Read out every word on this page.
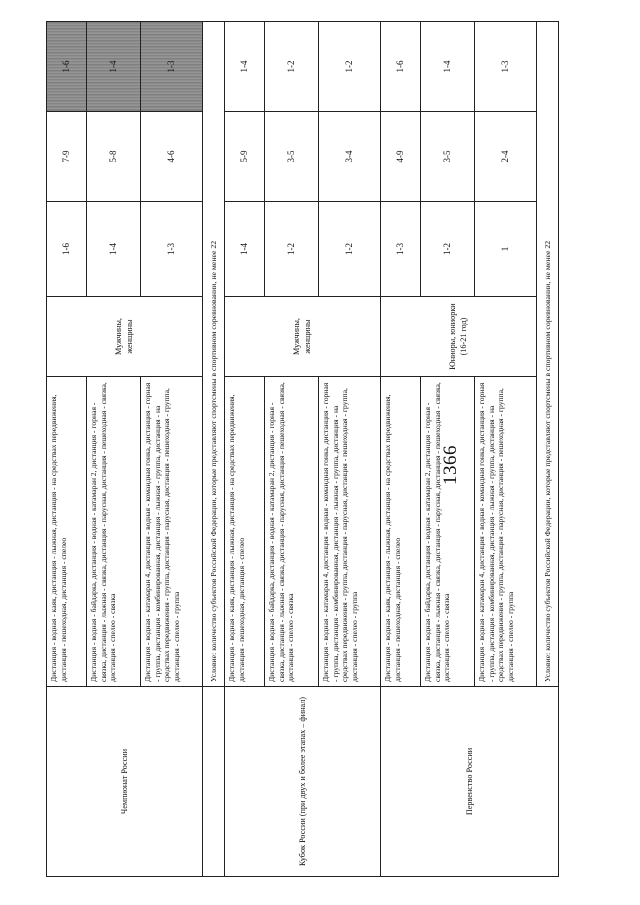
1366
Чемпионат России	Дистанция - водная - каяк, дистанция - лыжная, дистанция - на средствах передвижения, дистанция - пешеходная, дистанция - спелео	Мужчины, женщины	1-6	7-9	1-6
	Дистанция - водная - байдарка, дистанция - водная - катамаран 2, дистанция - горная - связка, дистанция - лыжная - связка, дистанция - парусная, дистанция - пешеходная - связка, дистанция - спелео - связка		1-4	5-8	1-4
	Дистанция - водная - катамаран 4, дистанция - водная - командная гонка, дистанция - горная - группа, дистанция - комбинированная, дистанция - лыжная - группа, дистанция - на средствах передвижения - группа, дистанция - парусная, дистанция - пешеходная - группа, дистанция - спелео - группа		1-3	4-6	1-3
	Условие: количество субъектов Российской Федерации, которые представляют спортсмены в спортивном соревновании, не менее 22				
Кубок России (при двух и более этапах – финал)	Дистанция - водная - каяк, дистанция - лыжная, дистанция - на средствах передвижения, дистанция - пешеходная, дистанция - спелео	Мужчины, женщины	1-4	5-9	1-4
	Дистанция - водная - байдарка, дистанция - водная - катамаран 2, дистанция - горная - связка, дистанция - лыжная - связка, дистанция - парусная, дистанция - пешеходная - связка, дистанция - спелео - связка		1-2	3-5	1-2
	Дистанция - водная - катамаран 4, дистанция - водная - командная гонка, дистанция - горная - группа, дистанция - комбинированная, дистанция - лыжная - группа, дистанция - на средствах передвижения - группа, дистанция - парусная, дистанция - пешеходная - группа, дистанция - спелео - группа		1-2	3-4	1-2
Первенство России	Дистанция - водная - каяк, дистанция - лыжная, дистанция - на средствах передвижения, дистанция - пешеходная, дистанция - спелео	Юниоры, юниорки (16-21 год)	1-3	4-9	1-6
	Дистанция - водная - байдарка, дистанция - водная - катамаран 2, дистанция - горная - связка, дистанция - лыжная - связка, дистанция - парусная, дистанция - пешеходная - связка, дистанция - спелео - связка		1-2	3-5	1-4
	Дистанция - водная - катамаран 4, дистанция - водная - командная гонка, дистанция - горная - группа, дистанция - комбинированная, дистанция - лыжная - группа, дистанция - на средствах передвижения - группа, дистанция - парусная, дистанция - пешеходная - группа, дистанция - спелео - группа		1	2-4	1-3
	Условие: количество субъектов Российской Федерации, которые представляют спортсмены в спортивном соревновании, не менее 22				
